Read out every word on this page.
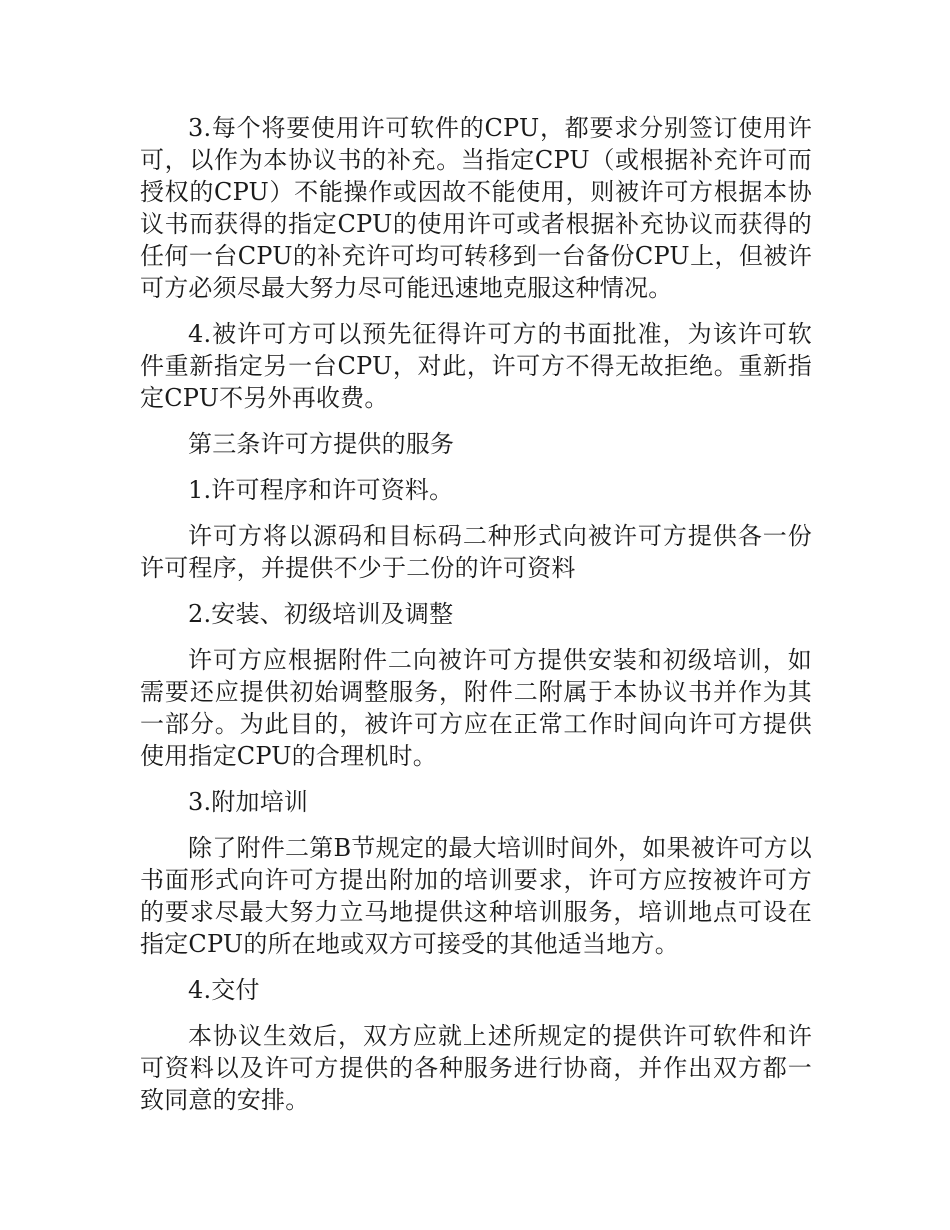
3.每个将要使用许可软件的CPU，都要求分别签订使用许可，以作为本协议书的补充。当指定CPU（或根据补充许可而授权的CPU）不能操作或因故不能使用，则被许可方根据本协议书而获得的指定CPU的使用许可或者根据补充协议而获得的任何一台CPU的补充许可均可转移到一台备份CPU上，但被许可方必须尽最大努力尽可能迅速地克服这种情况。

4.被许可方可以预先征得许可方的书面批准，为该许可软件重新指定另一台CPU，对此，许可方不得无故拒绝。重新指定CPU不另外再收费。

第三条许可方提供的服务

1.许可程序和许可资料。

许可方将以源码和目标码二种形式向被许可方提供各一份许可程序，并提供不少于二份的许可资料

2.安装、初级培训及调整

许可方应根据附件二向被许可方提供安装和初级培训，如需要还应提供初始调整服务，附件二附属于本协议书并作为其一部分。为此目的，被许可方应在正常工作时间向许可方提供使用指定CPU的合理机时。

3.附加培训

除了附件二第B节规定的最大培训时间外，如果被许可方以书面形式向许可方提出附加的培训要求，许可方应按被许可方的要求尽最大努力立马地提供这种培训服务，培训地点可设在指定CPU的所在地或双方可接受的其他适当地方。

4.交付

本协议生效后，双方应就上述所规定的提供许可软件和许可资料以及许可方提供的各种服务进行协商，并作出双方都一致同意的安排。
